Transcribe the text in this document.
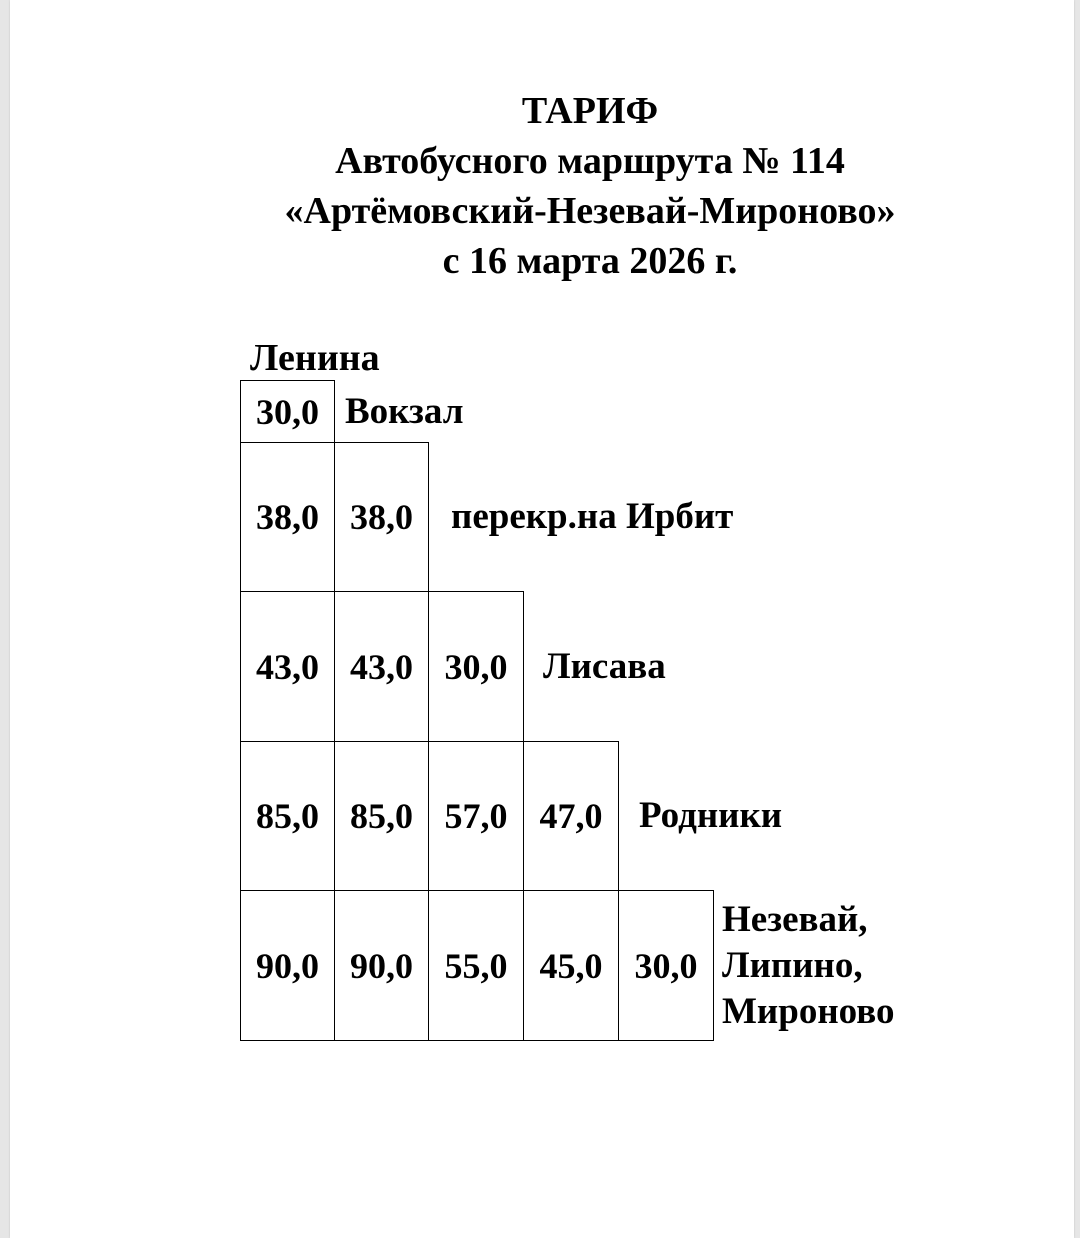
ТАРИФ
Автобусного маршрута № 114
«Артёмовский-Незевай-Мироново»
с 16 марта 2026 г.
Ленина
30,0 Вокзал
38,0 38,0	перекр.на Ирбит
43,0 43,0 30,0 Лисава
85,0 85,0 57,0 47,0 Родники
90,0 90,0 55,0 45,0 30,0
Незевай,
Липино,
Мироново
